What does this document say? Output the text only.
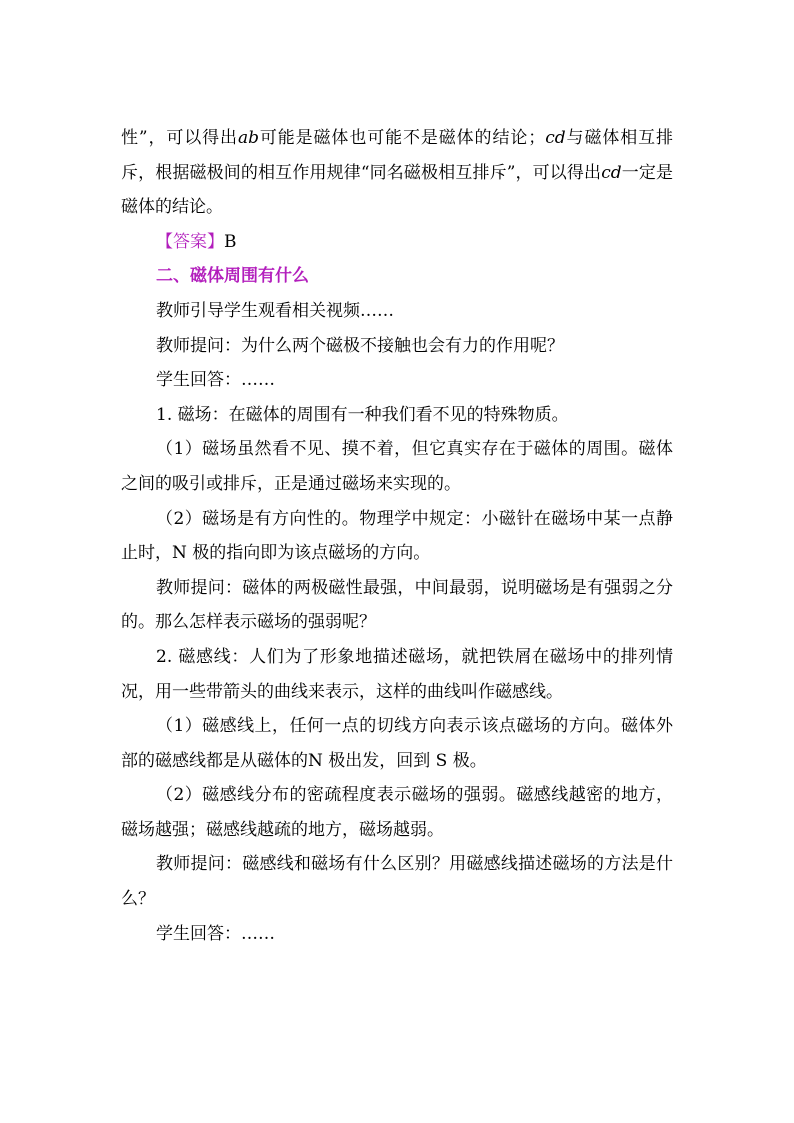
性”，可以得出ab可能是磁体也可能不是磁体的结论；cd与磁体相互排斥，根据磁极间的相互作用规律“同名磁极相互排斥”，可以得出cd一定是磁体的结论。

【答案】B

二、磁体周围有什么

教师引导学生观看相关视频……

教师提问：为什么两个磁极不接触也会有力的作用呢？

学生回答：……

1. 磁场：在磁体的周围有一种我们看不见的特殊物质。

（1）磁场虽然看不见、摸不着，但它真实存在于磁体的周围。磁体之间的吸引或排斥，正是通过磁场来实现的。

（2）磁场是有方向性的。物理学中规定：小磁针在磁场中某一点静止时，N 极的指向即为该点磁场的方向。

教师提问：磁体的两极磁性最强，中间最弱，说明磁场是有强弱之分的。那么怎样表示磁场的强弱呢？

2. 磁感线：人们为了形象地描述磁场，就把铁屑在磁场中的排列情况，用一些带箭头的曲线来表示，这样的曲线叫作磁感线。

（1）磁感线上，任何一点的切线方向表示该点磁场的方向。磁体外部的磁感线都是从磁体的N 极出发，回到 S 极。

（2）磁感线分布的密疏程度表示磁场的强弱。磁感线越密的地方，磁场越强；磁感线越疏的地方，磁场越弱。

教师提问：磁感线和磁场有什么区别？用磁感线描述磁场的方法是什么？

学生回答：……
